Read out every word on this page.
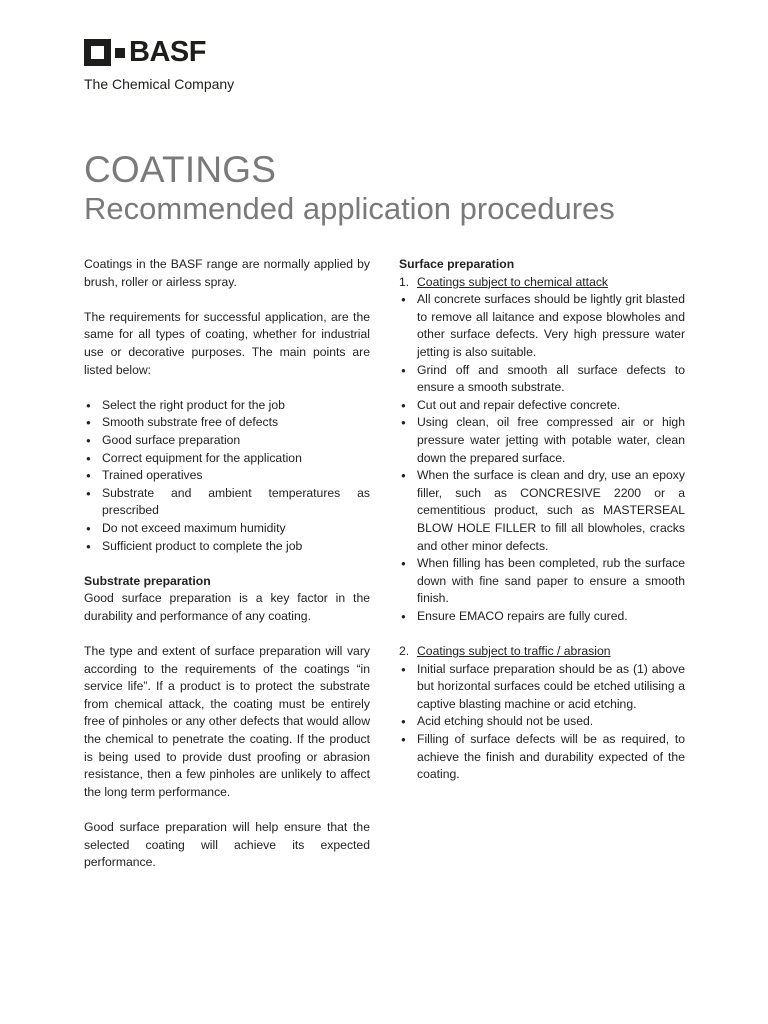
BASF
The Chemical Company
COATINGS
Recommended application procedures

Coatings in the BASF range are normally applied by brush, roller or airless spray.

The requirements for successful application, are the same for all types of coating, whether for industrial use or decorative purposes. The main points are listed below:

● Select the right product for the job
● Smooth substrate free of defects
● Good surface preparation
● Correct equipment for the application
● Trained operatives
● Substrate and ambient temperatures as prescribed
● Do not exceed maximum humidity
● Sufficient product to complete the job
Substrate preparation

Good surface preparation is a key factor in the durability and performance of any coating.

The type and extent of surface preparation will vary according to the requirements of the coatings “in service life”. If a product is to protect the substrate from chemical attack, the coating must be entirely free of pinholes or any other defects that would allow the chemical to penetrate the coating. If the product is being used to provide dust proofing or abrasion resistance, then a few pinholes are unlikely to affect the long term performance.

Good surface preparation will help ensure that the selected coating will achieve its expected performance.

Surface preparation
1. Coatings subject to chemical attack
● All concrete surfaces should be lightly grit blasted to remove all laitance and expose blowholes and other surface defects. Very high pressure water jetting is also suitable.
● Grind off and smooth all surface defects to ensure a smooth substrate.
● Cut out and repair defective concrete.
● Using clean, oil free compressed air or high pressure water jetting with potable water, clean down the prepared surface.
● When the surface is clean and dry, use an epoxy filler, such as CONCRESIVE 2200 or a cementitious product, such as MASTERSEAL BLOW HOLE FILLER to fill all blowholes, cracks and other minor defects.
● When filling has been completed, rub the surface down with fine sand paper to ensure a smooth finish.
● Ensure EMACO repairs are fully cured.
2. Coatings subject to traffic / abrasion
● Initial surface preparation should be as (1) above but horizontal surfaces could be etched utilising a captive blasting machine or acid etching.
● Acid etching should not be used.
● Filling of surface defects will be as required, to achieve the finish and durability expected of the coating.
